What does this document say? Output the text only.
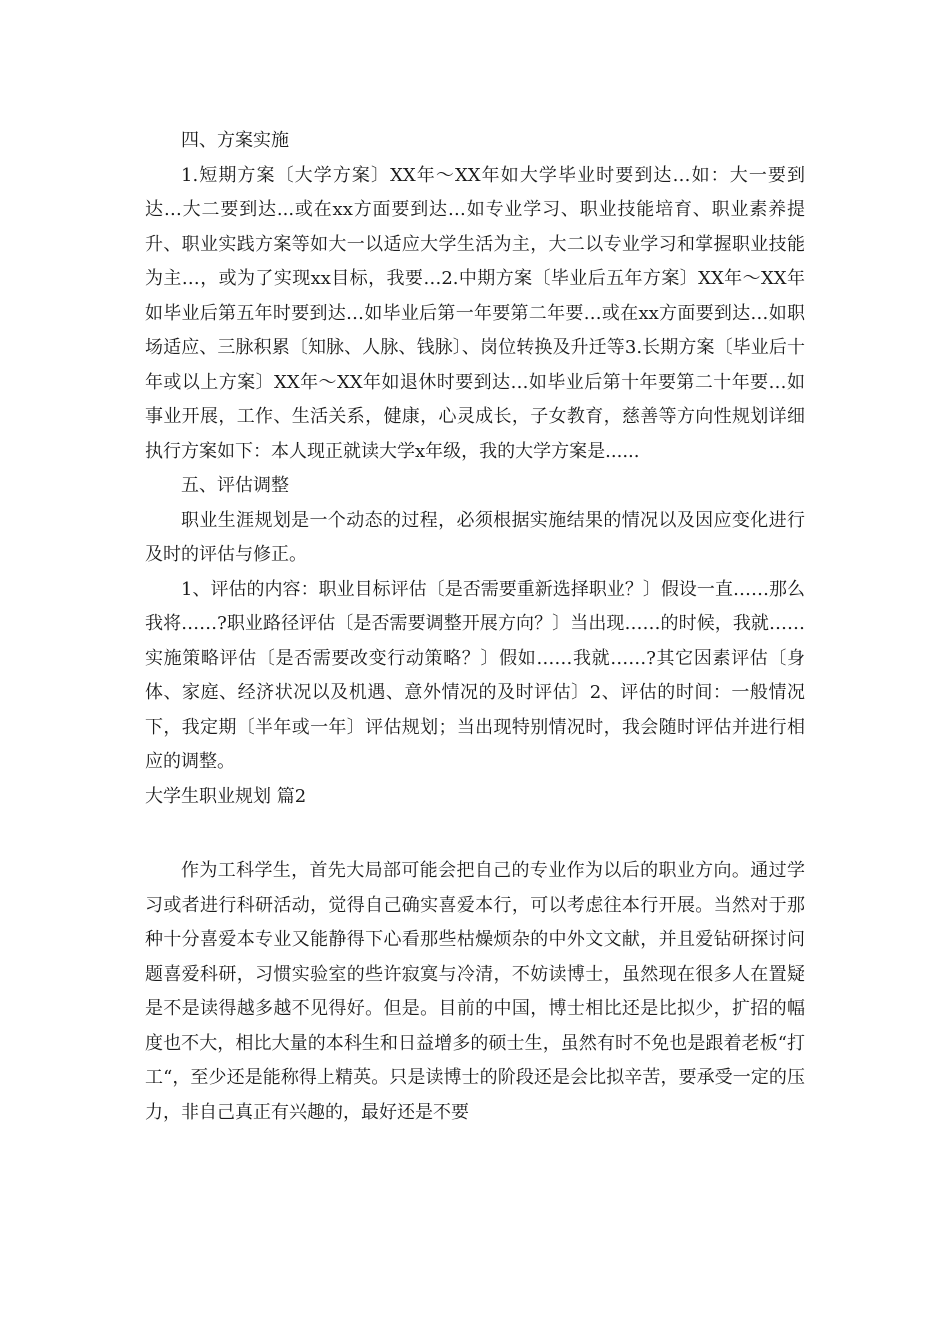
四、方案实施

1.短期方案〔大学方案〕XX年～XX年如大学毕业时要到达…如：大一要到达…大二要到达...或在xx方面要到达…如专业学习、职业技能培育、职业素养提升、职业实践方案等如大一以适应大学生活为主，大二以专业学习和掌握职业技能为主…，或为了实现xx目标，我要…2.中期方案〔毕业后五年方案〕XX年～XX年如毕业后第五年时要到达…如毕业后第一年要第二年要…或在xx方面要到达…如职场适应、三脉积累〔知脉、人脉、钱脉〕、岗位转换及升迁等3.长期方案〔毕业后十年或以上方案〕XX年～XX年如退休时要到达…如毕业后第十年要第二十年要…如事业开展，工作、生活关系，健康，心灵成长，子女教育，慈善等方向性规划详细执行方案如下：本人现正就读大学x年级，我的大学方案是......

五、评估调整

职业生涯规划是一个动态的过程，必须根据实施结果的情况以及因应变化进行及时的评估与修正。

1、评估的内容：职业目标评估〔是否需要重新选择职业？〕假设一直……那么我将……?职业路径评估〔是否需要调整开展方向？〕当出现……的时候，我就……实施策略评估〔是否需要改变行动策略？〕假如……我就……?其它因素评估〔身体、家庭、经济状况以及机遇、意外情况的及时评估〕2、评估的时间：一般情况下，我定期〔半年或一年〕评估规划；当出现特别情况时，我会随时评估并进行相应的调整。

大学生职业规划 篇2

作为工科学生，首先大局部可能会把自己的专业作为以后的职业方向。通过学习或者进行科研活动，觉得自己确实喜爱本行，可以考虑往本行开展。当然对于那种十分喜爱本专业又能静得下心看那些枯燥烦杂的中外文文献，并且爱钻研探讨问题喜爱科研，习惯实验室的些许寂寞与冷清，不妨读博士，虽然现在很多人在置疑是不是读得越多越不见得好。但是。目前的中国，博士相比还是比拟少，扩招的幅度也不大，相比大量的本科生和日益增多的硕士生，虽然有时不免也是跟着老板“打工“，至少还是能称得上精英。只是读博士的阶段还是会比拟辛苦，要承受一定的压力，非自己真正有兴趣的，最好还是不要
